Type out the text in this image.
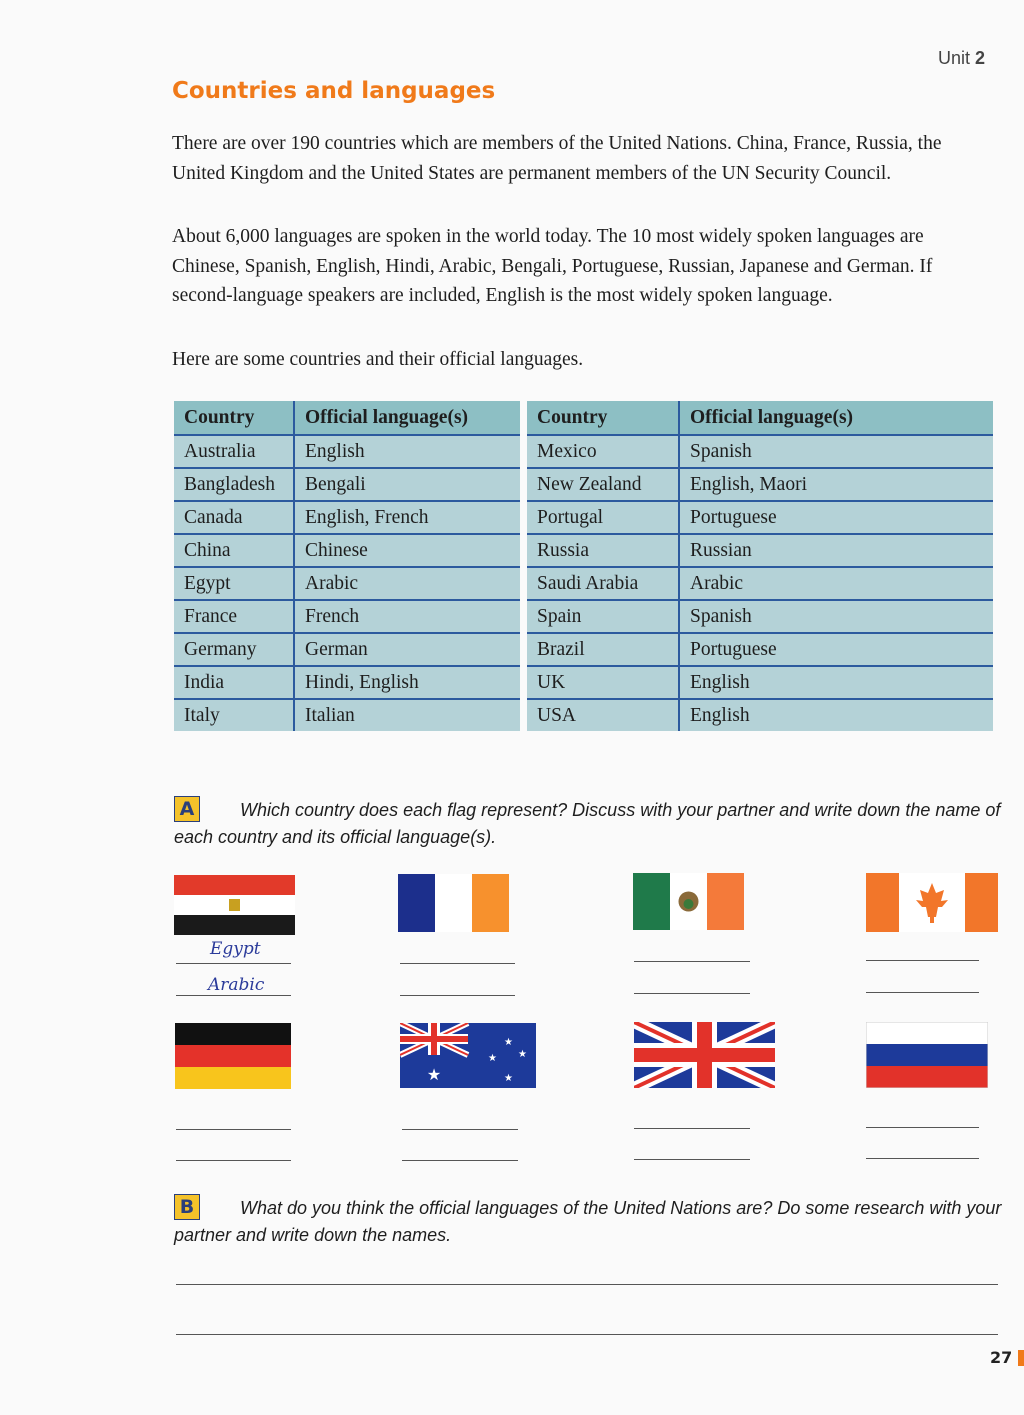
Unit 2
Countries and languages

There are over 190 countries which are members of the United Nations. China, France, Russia, the United Kingdom and the United States are permanent members of the UN Security Council.

About 6,000 languages are spoken in the world today. The 10 most widely spoken languages are Chinese, Spanish, English, Hindi, Arabic, Bengali, Portuguese, Russian, Japanese and German. If second-language speakers are included, English is the most widely spoken language.

Here are some countries and their official languages.

Country	Official language(s)
Australia	English
Bangladesh	Bengali
Canada	English, French
China	Chinese
Egypt	Arabic
France	French
Germany	German
India	Hindi, English
Italy	Italian
Country	Official language(s)
Mexico	Spanish
New Zealand	English, Maori
Portugal	Portuguese
Russia	Russian
Saudi Arabia	Arabic
Spain	Spanish
Brazil	Portuguese
UK	English
USA	English
A	Which country does each flag represent? Discuss with your partner and write down the name of each country and its official language(s).

Egypt
Arabic
★
★
★ ★
★
B	What do you think the official languages of the United Nations are? Do some research with your partner and write down the names.

27
